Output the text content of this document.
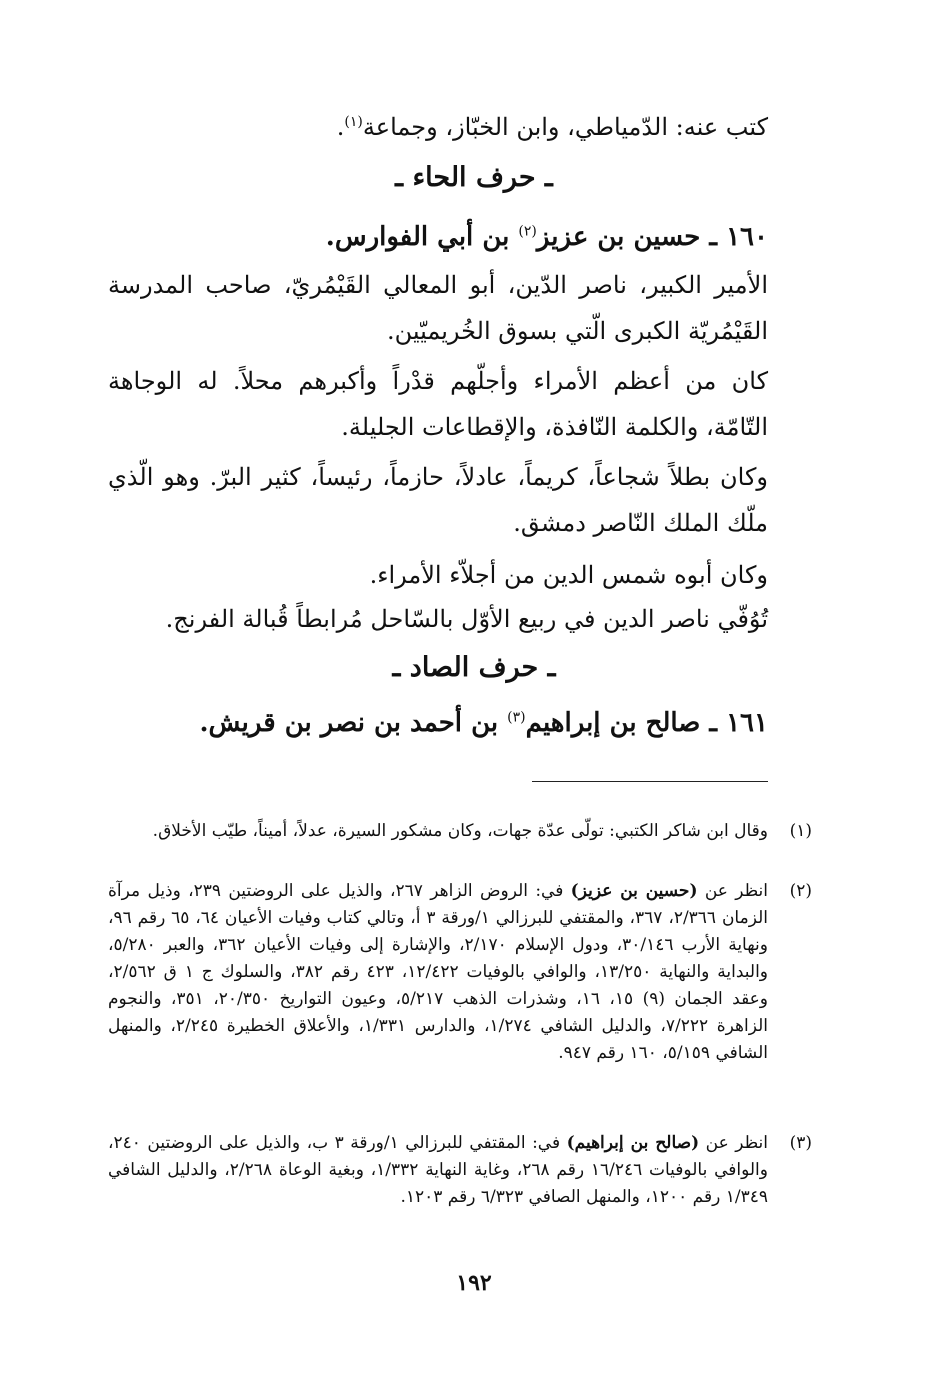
كتب عنه: الدّمياطي، وابن الخبّاز، وجماعة$^{(١)}$.
ـ حرف الحاء ـ
١٦٠ ـ حسين بن عزيز$^{(٢)}$ بن أبي الفوارس.
الأمير الكبير، ناصر الدّين، أبو المعالي القَيْمُريّ، صاحب المدرسة القَيْمُريّة الكبرى الّتي بسوق الخُريميّين.
كان من أعظم الأمراء وأجلّهم قدْراً وأكبرهم محلاً. له الوجاهة التّامّة، والكلمة النّافذة، والإقطاعات الجليلة.
وكان بطلاً شجاعاً، كريماً، عادلاً، حازماً، رئيساً، كثير البرّ. وهو الّذي ملّك الملك النّاصر دمشق.
وكان أبوه شمس الدين من أجلاّء الأمراء.
تُوُفّي ناصر الدين في ربيع الأوّل بالسّاحل مُرابطاً قُبالة الفرنج.
ـ حرف الصاد ـ
١٦١ ـ صالح بن إبراهيم$^{(٣)}$ بن أحمد بن نصر بن قريش.
(١)
وقال ابن شاكر الكتبي: تولّى عدّة جهات، وكان مشكور السيرة، عدلاً، أميناً، طيّب الأخلاق.
(٢)
انظر عن (حسين بن عزيز) في: الروض الزاهر ٢٦٧، والذيل على الروضتين ٢٣٩، وذيل مرآة الزمان ٢/٣٦٦، ٣٦٧، والمقتفي للبرزالي ١/ورقة ٣ أ، وتالي كتاب وفيات الأعيان ٦٤، ٦٥ رقم ٩٦، ونهاية الأرب ٣٠/١٤٦، ودول الإسلام ٢/١٧٠، والإشارة إلى وفيات الأعيان ٣٦٢، والعبر ٥/٢٨٠، والبداية والنهاية ١٣/٢٥٠، والوافي بالوفيات ١٢/٤٢٢، ٤٢٣ رقم ٣٨٢، والسلوك ج ١ ق ٢/٥٦٢، وعقد الجمان (٩) ١٥، ١٦، وشذرات الذهب ٥/٢١٧، وعيون التواريخ ٢٠/٣٥٠، ٣٥١، والنجوم الزاهرة ٧/٢٢٢، والدليل الشافي ١/٢٧٤، والدارس ١/٣٣١، والأعلاق الخطيرة ٢/٢٤٥، والمنهل الشافي ٥/١٥٩، ١٦٠ رقم ٩٤٧.
(٣)
انظر عن (صالح بن إبراهيم) في: المقتفي للبرزالي ١/ورقة ٣ ب، والذيل على الروضتين ٢٤٠، والوافي بالوفيات ١٦/٢٤٦ رقم ٢٦٨، وغاية النهاية ١/٣٣٢، وبغية الوعاة ٢/٢٦٨، والدليل الشافي ١/٣٤٩ رقم ١٢٠٠، والمنهل الصافي ٦/٣٢٣ رقم ١٢٠٣.
١٩٢
